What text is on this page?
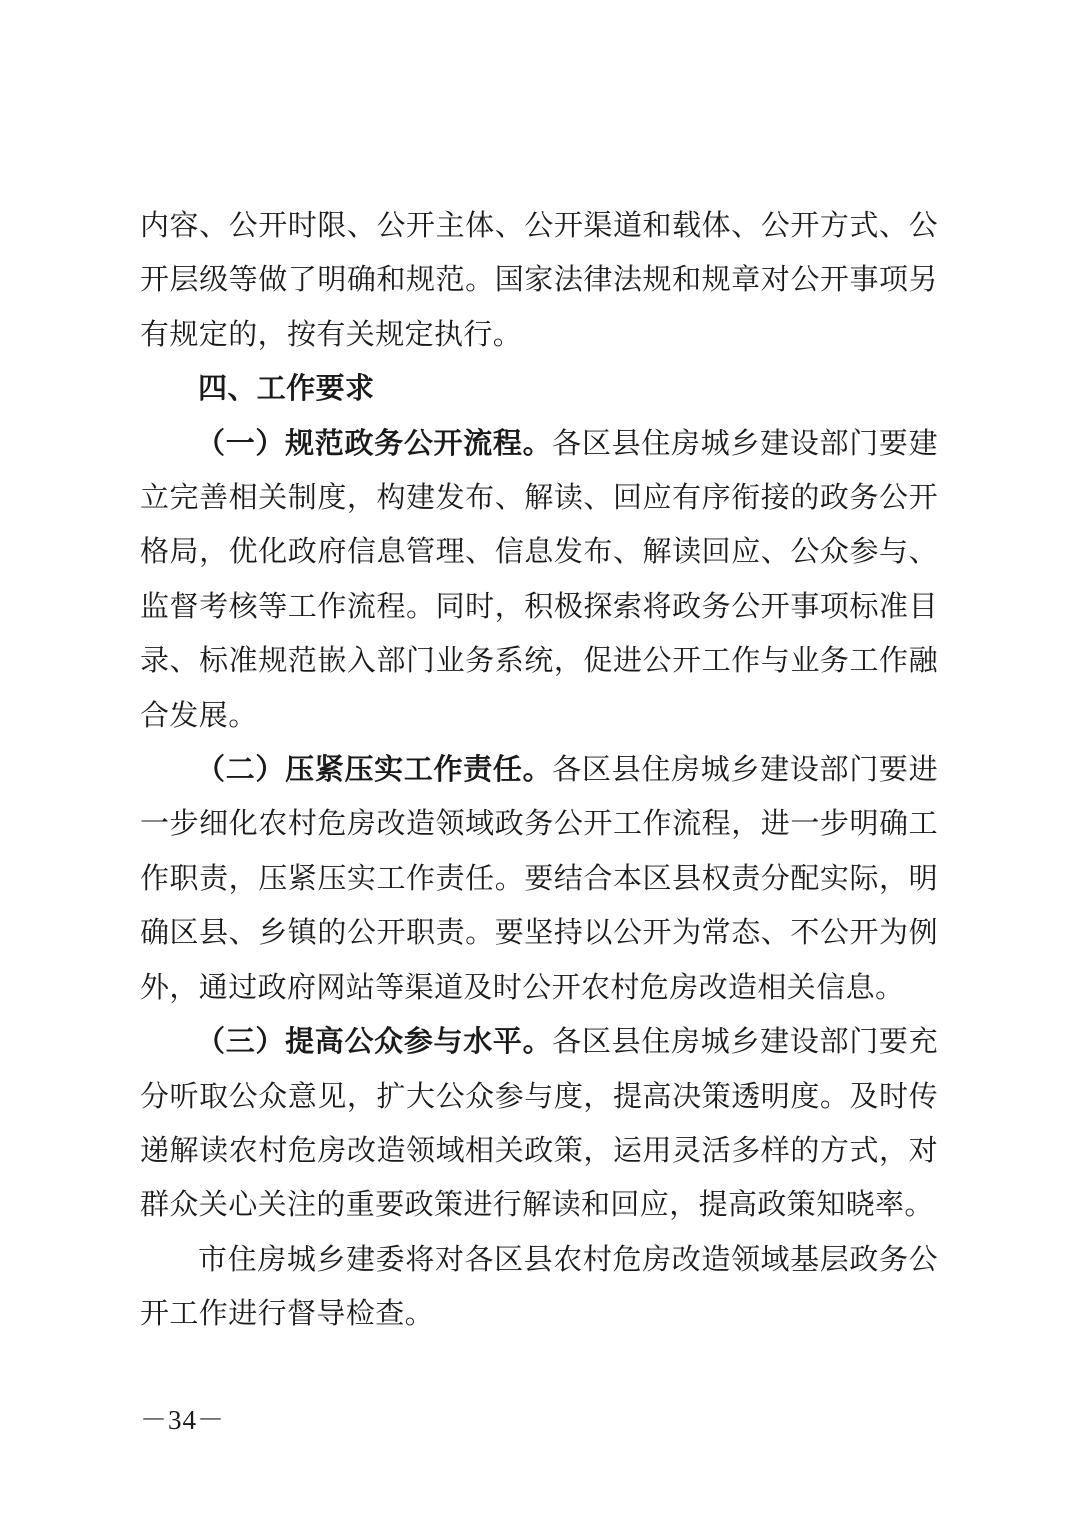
内容、公开时限、公开主体、公开渠道和载体、公开方式、公开层级等做了明确和规范。国家法律法规和规章对公开事项另有规定的，按有关规定执行。

四、工作要求

（一）规范政务公开流程。各区县住房城乡建设部门要建立完善相关制度，构建发布、解读、回应有序衔接的政务公开格局，优化政府信息管理、信息发布、解读回应、公众参与、监督考核等工作流程。同时，积极探索将政务公开事项标准目录、标准规范嵌入部门业务系统，促进公开工作与业务工作融合发展。

（二）压紧压实工作责任。各区县住房城乡建设部门要进一步细化农村危房改造领域政务公开工作流程，进一步明确工作职责，压紧压实工作责任。要结合本区县权责分配实际，明确区县、乡镇的公开职责。要坚持以公开为常态、不公开为例外，通过政府网站等渠道及时公开农村危房改造相关信息。

（三）提高公众参与水平。各区县住房城乡建设部门要充分听取公众意见，扩大公众参与度，提高决策透明度。及时传递解读农村危房改造领域相关政策，运用灵活多样的方式，对群众关心关注的重要政策进行解读和回应，提高政策知晓率。

市住房城乡建委将对各区县农村危房改造领域基层政务公开工作进行督导检查。

－34－
